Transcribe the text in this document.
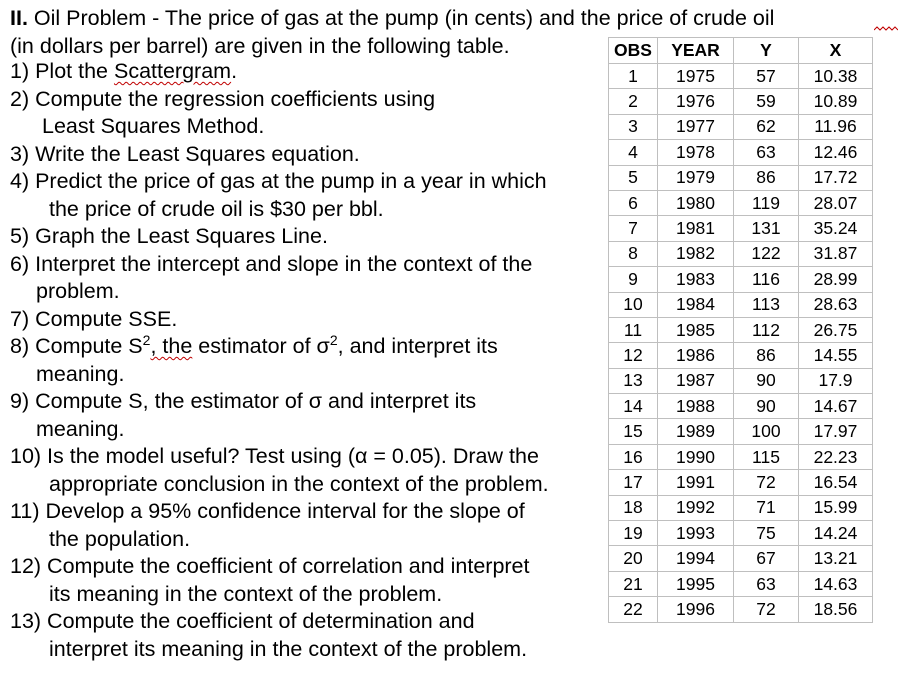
II. Oil Problem - The price of gas at the pump (in cents) and the price of crude oil
(in dollars per barrel) are given in the following table.
1) Plot the Scattergram.
2) Compute the regression coefficients using
Least Squares Method.
3) Write the Least Squares equation.
4) Predict the price of gas at the pump in a year in which
the price of crude oil is $30 per bbl.
5) Graph the Least Squares Line.
6) Interpret the intercept and slope in the context of the
problem.
7) Compute SSE.
8) Compute $S^2$, the estimator of $\sigma^2$, and interpret its
meaning.
9) Compute S, the estimator of σ and interpret its
meaning.
10) Is the model useful? Test using (α = 0.05). Draw the
appropriate conclusion in the context of the problem.
11) Develop a 95% confidence interval for the slope of
the population.
12) Compute the coefficient of correlation and interpret
its meaning in the context of the problem.
13) Compute the coefficient of determination and
interpret its meaning in the context of the problem.
OBS	YEAR	Y	X
1	1975	57	10.38
2	1976	59	10.89
3	1977	62	11.96
4	1978	63	12.46
5	1979	86	17.72
6	1980	119	28.07
7	1981	131	35.24
8	1982	122	31.87
9	1983	116	28.99
10	1984	113	28.63
11	1985	112	26.75
12	1986	86	14.55
13	1987	90	17.9
14	1988	90	14.67
15	1989	100	17.97
16	1990	115	22.23
17	1991	72	16.54
18	1992	71	15.99
19	1993	75	14.24
20	1994	67	13.21
21	1995	63	14.63
22	1996	72	18.56
